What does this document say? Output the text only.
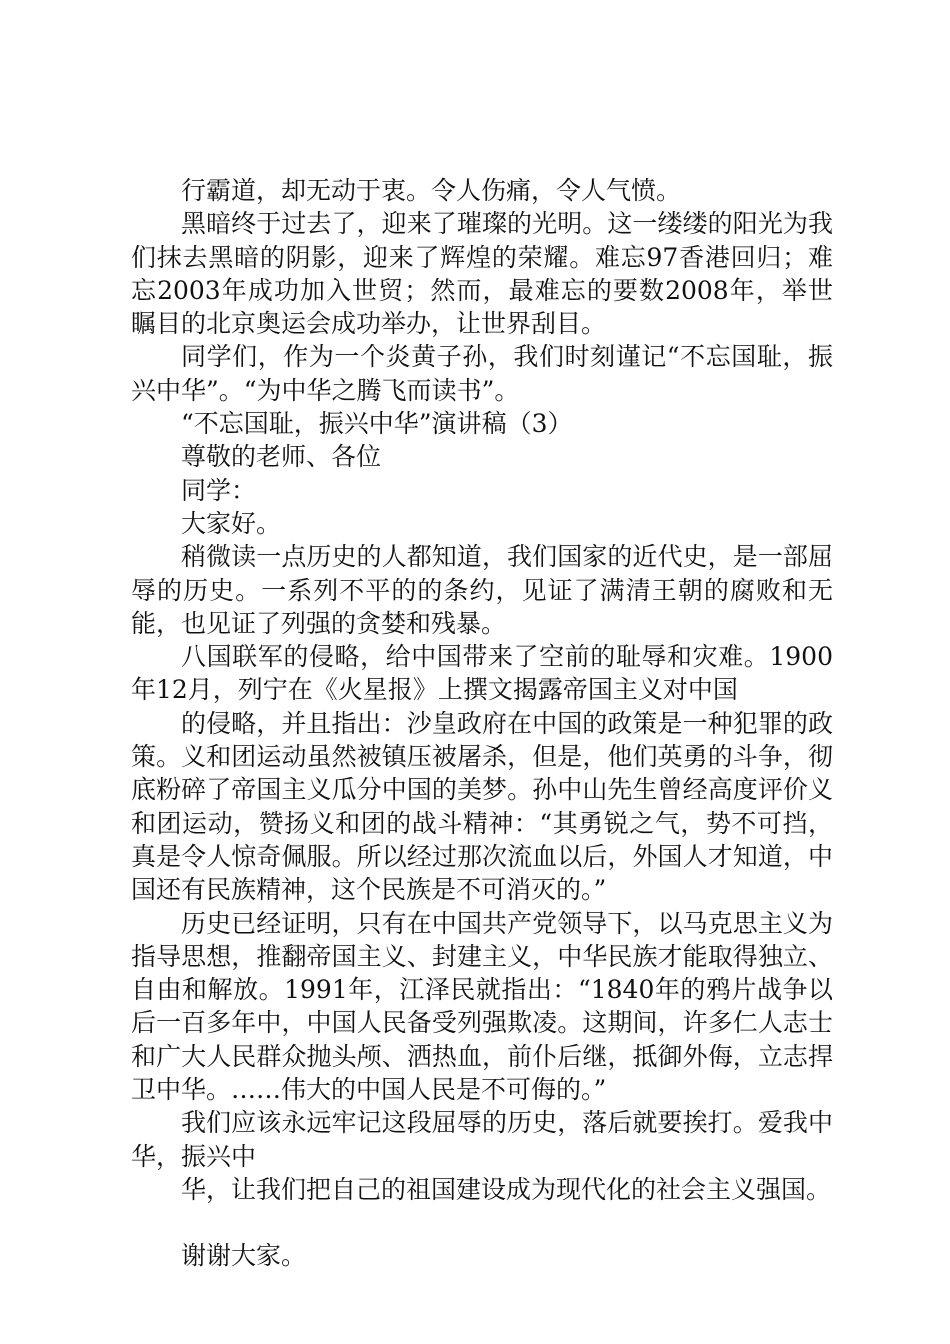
行霸道，却无动于衷。令人伤痛，令人气愤。

黑暗终于过去了，迎来了璀璨的光明。这一缕缕的阳光为我们抹去黑暗的阴影，迎来了辉煌的荣耀。难忘97香港回归；难忘2003年成功加入世贸；然而，最难忘的要数2008年，举世瞩目的北京奥运会成功举办，让世界刮目。

同学们，作为一个炎黄子孙，我们时刻谨记“不忘国耻，振兴中华”。“为中华之腾飞而读书”。

“不忘国耻，振兴中华”演讲稿（3）

尊敬的老师、各位

同学：

大家好。

稍微读一点历史的人都知道，我们国家的近代史，是一部屈辱的历史。一系列不平的的条约，见证了满清王朝的腐败和无能，也见证了列强的贪婪和残暴。

八国联军的侵略，给中国带来了空前的耻辱和灾难。1900年12月，列宁在《火星报》上撰文揭露帝国主义对中国

的侵略，并且指出：沙皇政府在中国的政策是一种犯罪的政策。义和团运动虽然被镇压被屠杀，但是，他们英勇的斗争，彻底粉碎了帝国主义瓜分中国的美梦。孙中山先生曾经高度评价义和团运动，赞扬义和团的战斗精神：“其勇锐之气，势不可挡，真是令人惊奇佩服。所以经过那次流血以后，外国人才知道，中国还有民族精神，这个民族是不可消灭的。”

历史已经证明，只有在中国共产党领导下，以马克思主义为指导思想，推翻帝国主义、封建主义，中华民族才能取得独立、自由和解放。1991年，江泽民就指出：“1840年的鸦片战争以后一百多年中，中国人民备受列强欺凌。这期间，许多仁人志士和广大人民群众抛头颅、洒热血，前仆后继，抵御外侮，立志捍卫中华。……伟大的中国人民是不可侮的。”

我们应该永远牢记这段屈辱的历史，落后就要挨打。爱我中华，振兴中

华，让我们把自己的祖国建设成为现代化的社会主义强国。

谢谢大家。
